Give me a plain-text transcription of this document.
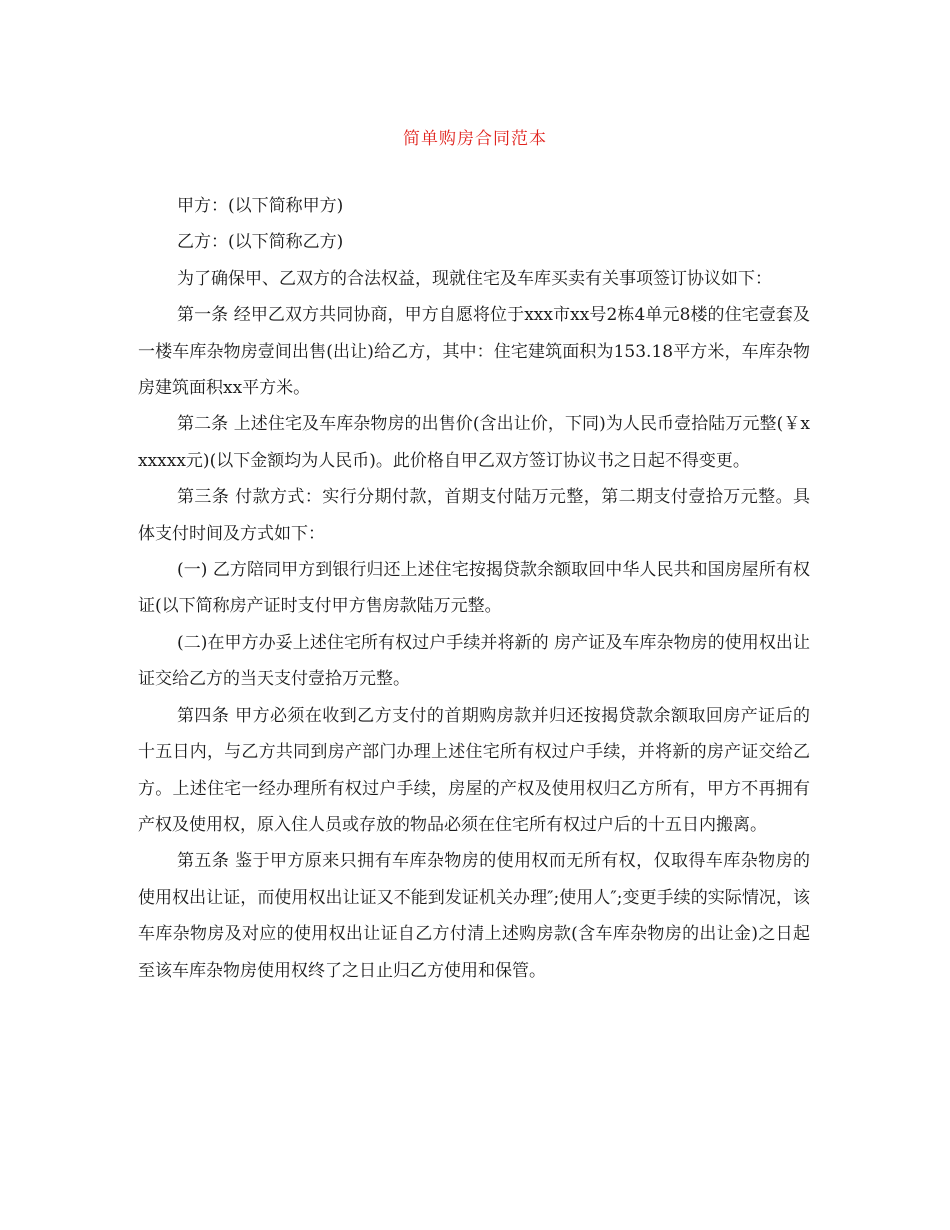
简单购房合同范本

甲方：(以下简称甲方)

乙方：(以下简称乙方)

为了确保甲、乙双方的合法权益，现就住宅及车库买卖有关事项签订协议如下：

第一条 经甲乙双方共同协商，甲方自愿将位于xxx市xx号2栋4单元8楼的住宅壹套及一楼车库杂物房壹间出售(出让)给乙方，其中：住宅建筑面积为153.18平方米，车库杂物房建筑面积xx平方米。

第二条 上述住宅及车库杂物房的出售价(含出让价，下同)为人民币壹拾陆万元整(￥xxxxxx元)(以下金额均为人民币)。此价格自甲乙双方签订协议书之日起不得变更。

第三条 付款方式：实行分期付款，首期支付陆万元整，第二期支付壹拾万元整。具体支付时间及方式如下：

(一) 乙方陪同甲方到银行归还上述住宅按揭贷款余额取回中华人民共和国房屋所有权证(以下简称房产证时支付甲方售房款陆万元整。

(二)在甲方办妥上述住宅所有权过户手续并将新的 房产证及车库杂物房的使用权出让证交给乙方的当天支付壹拾万元整。

第四条 甲方必须在收到乙方支付的首期购房款并归还按揭贷款余额取回房产证后的十五日内，与乙方共同到房产部门办理上述住宅所有权过户手续，并将新的房产证交给乙方。上述住宅一经办理所有权过户手续，房屋的产权及使用权归乙方所有，甲方不再拥有产权及使用权，原入住人员或存放的物品必须在住宅所有权过户后的十五日内搬离。

第五条 鉴于甲方原来只拥有车库杂物房的使用权而无所有权，仅取得车库杂物房的使用权出让证，而使用权出让证又不能到发证机关办理″;使用人″;变更手续的实际情况，该车库杂物房及对应的使用权出让证自乙方付清上述购房款(含车库杂物房的出让金)之日起至该车库杂物房使用权终了之日止归乙方使用和保管。
